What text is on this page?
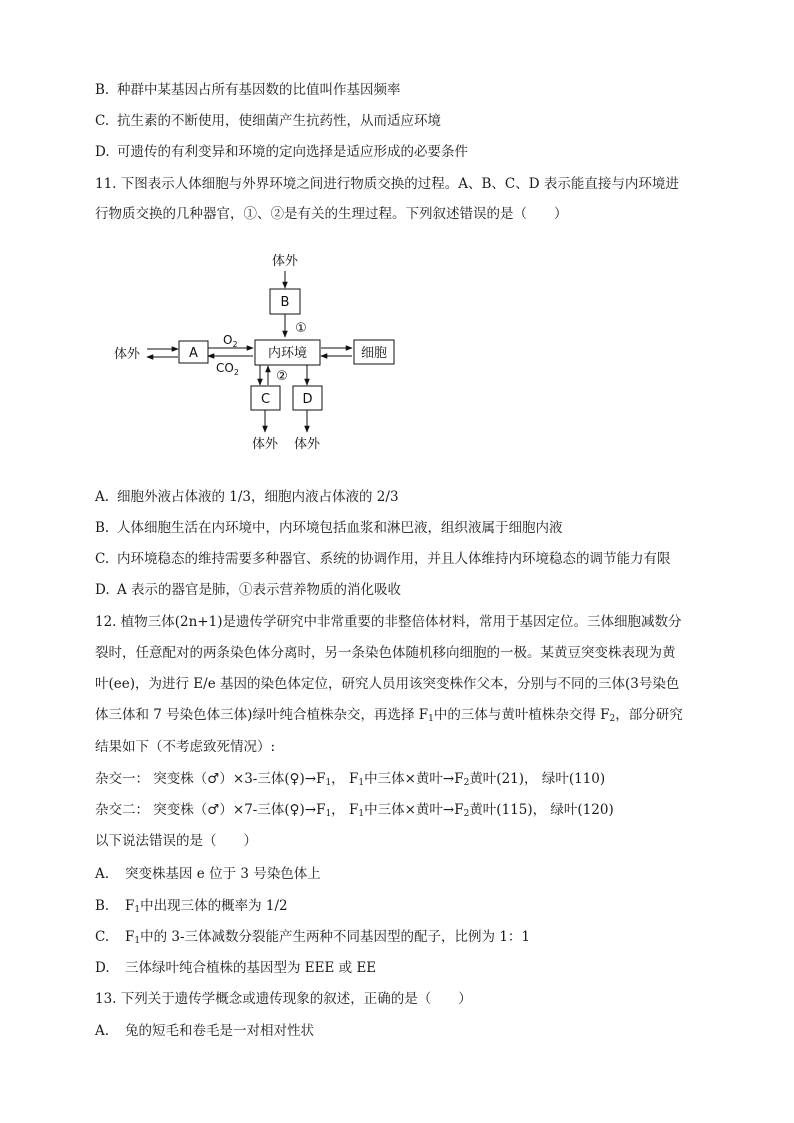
B. 种群中某基因占所有基因数的比值叫作基因频率
C. 抗生素的不断使用，使细菌产生抗药性，从而适应环境
D. 可遗传的有利变异和环境的定向选择是适应形成的必要条件
11. 下图表示人体细胞与外界环境之间进行物质交换的过程。A、B、C、D 表示能直接与内环境进
行物质交换的几种器官，①、②是有关的生理过程。下列叙述错误的是（　　）
体外
B
①
体外	A
$O_2$
$CO_2$
内环境	细胞
②
C D
体外 体外
A. 细胞外液占体液的 1/3，细胞内液占体液的 2/3
B. 人体细胞生活在内环境中，内环境包括血浆和淋巴液，组织液属于细胞内液
C. 内环境稳态的维持需要多种器官、系统的协调作用，并且人体维持内环境稳态的调节能力有限
D. A 表示的器官是肺，①表示营养物质的消化吸收
12. 植物三体(2n+1)是遗传学研究中非常重要的非整倍体材料，常用于基因定位。三体细胞减数分
裂时，任意配对的两条染色体分离时，另一条染色体随机移向细胞的一极。某黄豆突变株表现为黄
叶(ee)，为进行 E/e 基因的染色体定位，研究人员用该突变株作父本，分别与不同的三体(3号染色
体三体和 7 号染色体三体)绿叶纯合植株杂交，再选择 $F_1$中的三体与黄叶植株杂交得 $F_2$，部分研究
结果如下（不考虑致死情况）:
杂交一： 突变株（♂）×3-三体$(♀)\to F_1$， $F_1$中三体×黄叶$\to F_2$黄叶(21)， 绿叶(110)
杂交二： 突变株（♂）×7-三体$(♀)\to F_1$， $F_1$中三体×黄叶$\to F_2$黄叶(115)， 绿叶(120)
以下说法错误的是（　　）
A. 突变株基因 e 位于 3 号染色体上
B. $F_1$中出现三体的概率为 1/2
C. $F_1$中的 3-三体减数分裂能产生两种不同基因型的配子，比例为 1：1
D. 三体绿叶纯合植株的基因型为 EEE 或 EE
13. 下列关于遗传学概念或遗传现象的叙述，正确的是（　　）
A. 兔的短毛和卷毛是一对相对性状
